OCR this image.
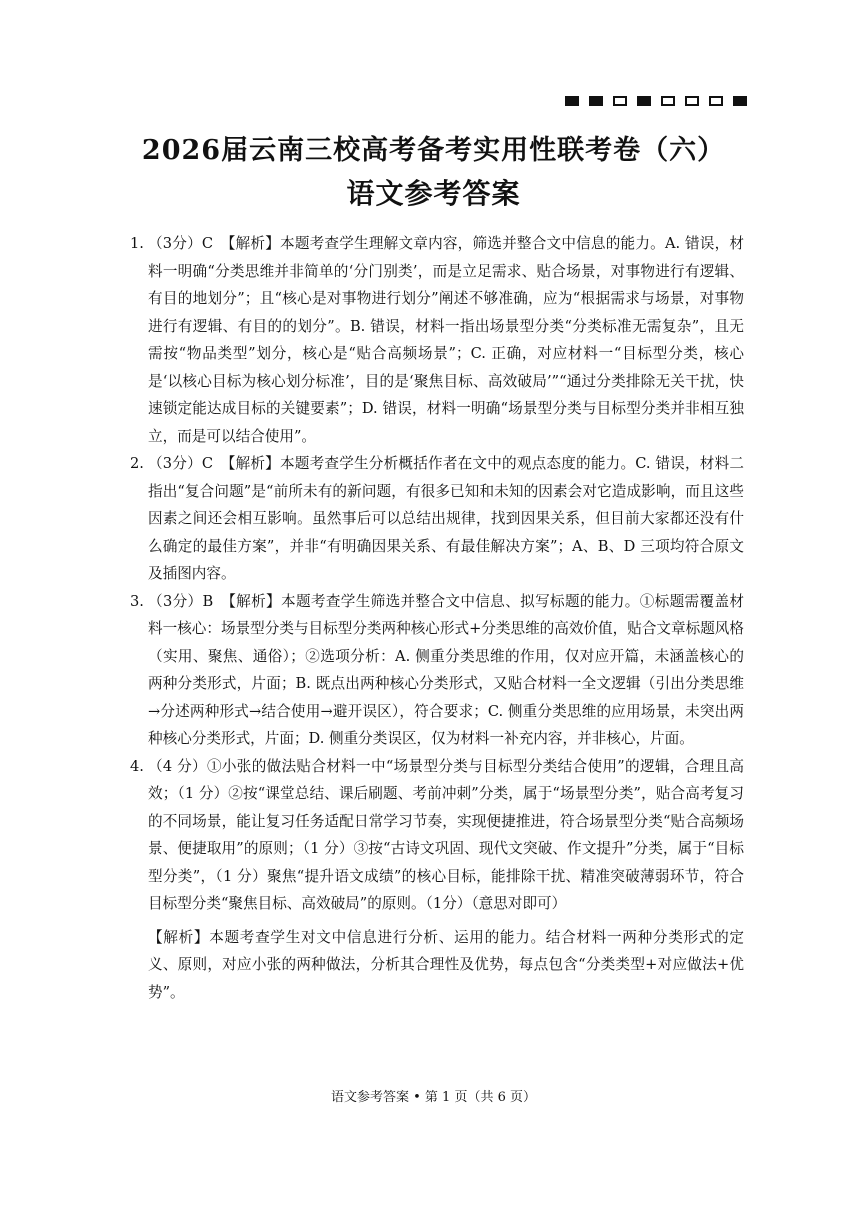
2026届云南三校高考备考实用性联考卷（六）
语文参考答案
1. （3分）C　【解析】本题考查学生理解文章内容，筛选并整合文中信息的能力。A. 错误，材料一明确“分类思维并非简单的‘分门别类’，而是立足需求、贴合场景，对事物进行有逻辑、有目的地划分”；且“核心是对事物进行划分”阐述不够准确，应为“根据需求与场景，对事物进行有逻辑、有目的的划分”。B. 错误，材料一指出场景型分类“分类标准无需复杂”，且无需按“物品类型”划分，核心是“贴合高频场景”；C. 正确，对应材料一“目标型分类，核心是‘以核心目标为核心划分标准’，目的是‘聚焦目标、高效破局’”“通过分类排除无关干扰，快速锁定能达成目标的关键要素”；D. 错误，材料一明确“场景型分类与目标型分类并非相互独立，而是可以结合使用”。
2. （3分）C　【解析】本题考查学生分析概括作者在文中的观点态度的能力。C. 错误，材料二指出“复合问题”是“前所未有的新问题，有很多已知和未知的因素会对它造成影响，而且这些因素之间还会相互影响。虽然事后可以总结出规律，找到因果关系，但目前大家都还没有什么确定的最佳方案”，并非“有明确因果关系、有最佳解决方案”；A、B、D 三项均符合原文及插图内容。
3. （3分）B　【解析】本题考查学生筛选并整合文中信息、拟写标题的能力。①标题需覆盖材料一核心：场景型分类与目标型分类两种核心形式+分类思维的高效价值，贴合文章标题风格（实用、聚焦、通俗）；②选项分析：A. 侧重分类思维的作用，仅对应开篇，未涵盖核心的两种分类形式，片面；B. 既点出两种核心分类形式，又贴合材料一全文逻辑（引出分类思维→分述两种形式→结合使用→避开误区），符合要求；C. 侧重分类思维的应用场景，未突出两种核心分类形式，片面；D. 侧重分类误区，仅为材料一补充内容，并非核心，片面。
4. （4 分）①小张的做法贴合材料一中“场景型分类与目标型分类结合使用”的逻辑，合理且高效；（1 分）②按“课堂总结、课后刷题、考前冲刺”分类，属于“场景型分类”，贴合高考复习的不同场景，能让复习任务适配日常学习节奏，实现便捷推进，符合场景型分类“贴合高频场景、便捷取用”的原则；（1 分）③按“古诗文巩固、现代文突破、作文提升”分类，属于“目标型分类”，（1 分）聚焦“提升语文成绩”的核心目标，能排除干扰、精准突破薄弱环节，符合目标型分类“聚焦目标、高效破局”的原则。（1分）（意思对即可）
【解析】本题考查学生对文中信息进行分析、运用的能力。结合材料一两种分类形式的定义、原则，对应小张的两种做法，分析其合理性及优势，每点包含“分类类型+对应做法+优势”。
语文参考答案 • 第 1 页（共 6 页）
